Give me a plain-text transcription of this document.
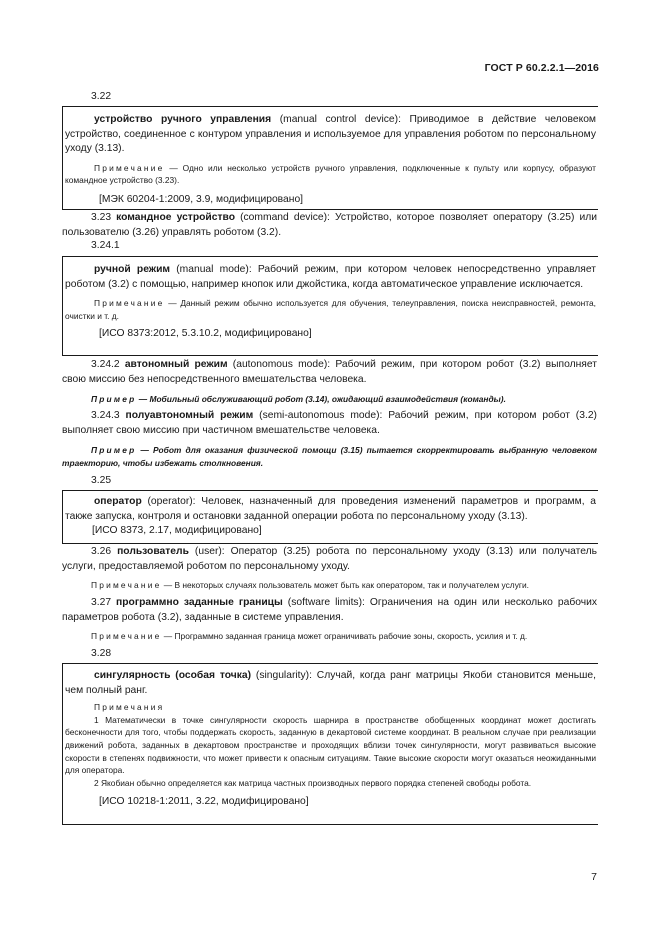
ГОСТ Р 60.2.2.1—2016
3.22

устройство ручного управления (manual control device): Приводимое в действие человеком устройство, соединенное с контуром управления и используемое для управления роботом по персональному уходу (3.13).

Примечание — Одно или несколько устройств ручного управления, подключенные к пульту или корпусу, образуют командное устройство (3.23).

[МЭК 60204-1:2009, 3.9, модифицировано]

3.23 командное устройство (command device): Устройство, которое позволяет оператору (3.25) или пользователю (3.26) управлять роботом (3.2).

3.24.1

ручной режим (manual mode): Рабочий режим, при котором человек непосредственно управляет роботом (3.2) с помощью, например кнопок или джойстика, когда автоматическое управление исключается.

Примечание — Данный режим обычно используется для обучения, телеуправления, поиска неисправностей, ремонта, очистки и т. д.

[ИСО 8373:2012, 5.3.10.2, модифицировано]

3.24.2 автономный режим (autonomous mode): Рабочий режим, при котором робот (3.2) выполняет свою миссию без непосредственного вмешательства человека.

Пример — Мобильный обслуживающий робот (3.14), ожидающий взаимодействия (команды).

3.24.3 полуавтономный режим (semi-autonomous mode): Рабочий режим, при котором робот (3.2) выполняет свою миссию при частичном вмешательстве человека.

Пример — Робот для оказания физической помощи (3.15) пытается скорректировать выбранную человеком траекторию, чтобы избежать столкновения.

3.25

оператор (operator): Человек, назначенный для проведения изменений параметров и программ, а также запуска, контроля и остановки заданной операции робота по персональному уходу (3.13).

[ИСО 8373, 2.17, модифицировано]

3.26 пользователь (user): Оператор (3.25) робота по персональному уходу (3.13) или получатель услуги, предоставляемой роботом по персональному уходу.

Примечание — В некоторых случаях пользователь может быть как оператором, так и получателем услуги.

3.27 программно заданные границы (software limits): Ограничения на один или несколько рабочих параметров робота (3.2), заданные в системе управления.

Примечание — Программно заданная граница может ограничивать рабочие зоны, скорость, усилия и т. д.

3.28

сингулярность (особая точка) (singularity): Случай, когда ранг матрицы Якоби становится меньше, чем полный ранг.

Примечания

1 Математически в точке сингулярности скорость шарнира в пространстве обобщенных координат может достигать бесконечности для того, чтобы поддержать скорость, заданную в декартовой системе координат. В реальном случае при реализации движений робота, заданных в декартовом пространстве и проходящих вблизи точек сингулярности, могут развиваться высокие скорости в степенях подвижности, что может привести к опасным ситуациям. Такие высокие скорости могут оказаться неожиданными для оператора.

2 Якобиан обычно определяется как матрица частных производных первого порядка степеней свободы робота.

[ИСО 10218-1:2011, 3.22, модифицировано]

7
